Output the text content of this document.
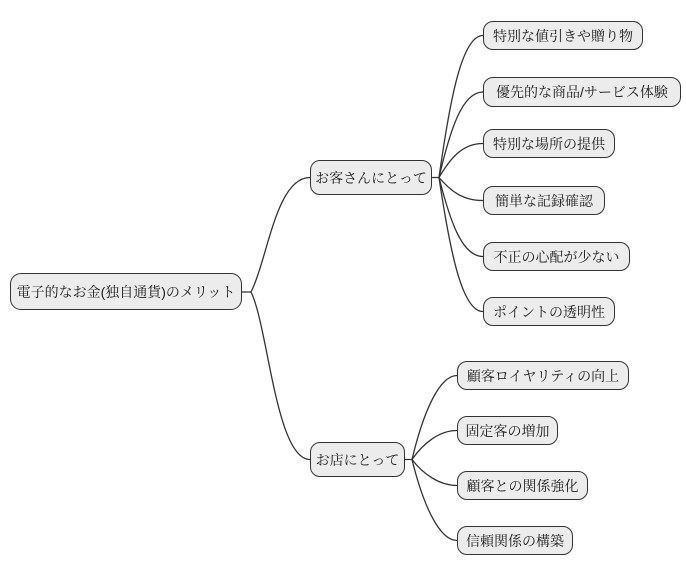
電子的なお金(独自通貨)のメリット
お客さんにとって
お店にとって
特別な値引きや贈り物
優先的な商品/サービス体験
特別な場所の提供
簡単な記録確認
不正の心配が少ない
ポイントの透明性
顧客ロイヤリティの向上
固定客の増加
顧客との関係強化
信頼関係の構築
